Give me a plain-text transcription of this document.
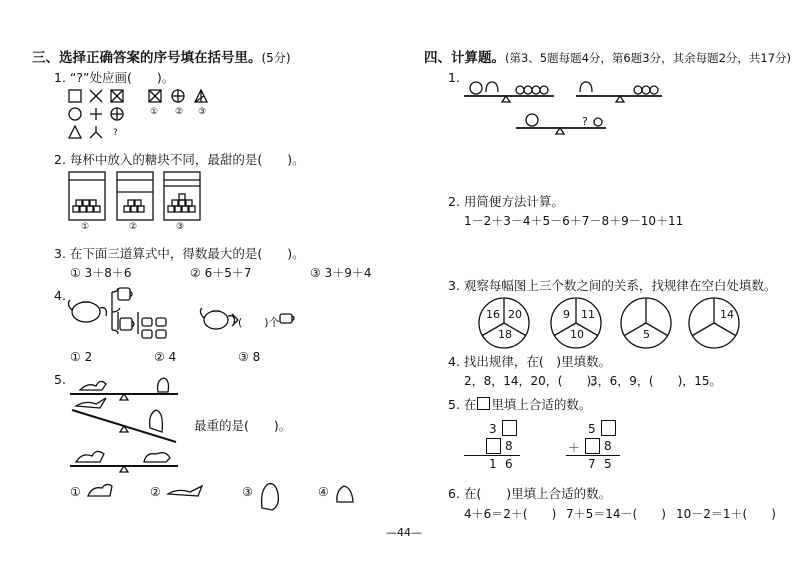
三、选择正确答案的序号填在括号里。(5分)
1. “?”处应画(　　)。
?
① ② ③
2. 每杯中放入的糖块不同，最甜的是(　　)。
①	②	③
3. 在下面三道算式中，得数最大的是(　　)。
① 3＋8＋6	② 6＋5＋7	③ 3＋9＋4
4.
(　　)个
① 2	② 4	③ 8
5.
最重的是(　　)。
①	②	③	④
四、计算题。(第3、5题每题4分，第6题3分，其余每题2分，共17分)
1.
?
2. 用简便方法计算。
1－2＋3－4＋5－6＋7－8＋9－10＋11
3. 观察每幅图上三个数之间的关系，找规律在空白处填数。
16 20
18
9 11
10	5
14
4. 找出规律，在(　)里填数。
2，8，14，20，(　　)。
3，6，9，(　　)，15。
5. 在 里填上合适的数。
3
8
1 6
5
＋ 8
7 5
6. 在(　　)里填上合适的数。
4＋6＝2＋(　　) 7＋5＝14－(　　) 10－2＝1＋(　　)
—44—
